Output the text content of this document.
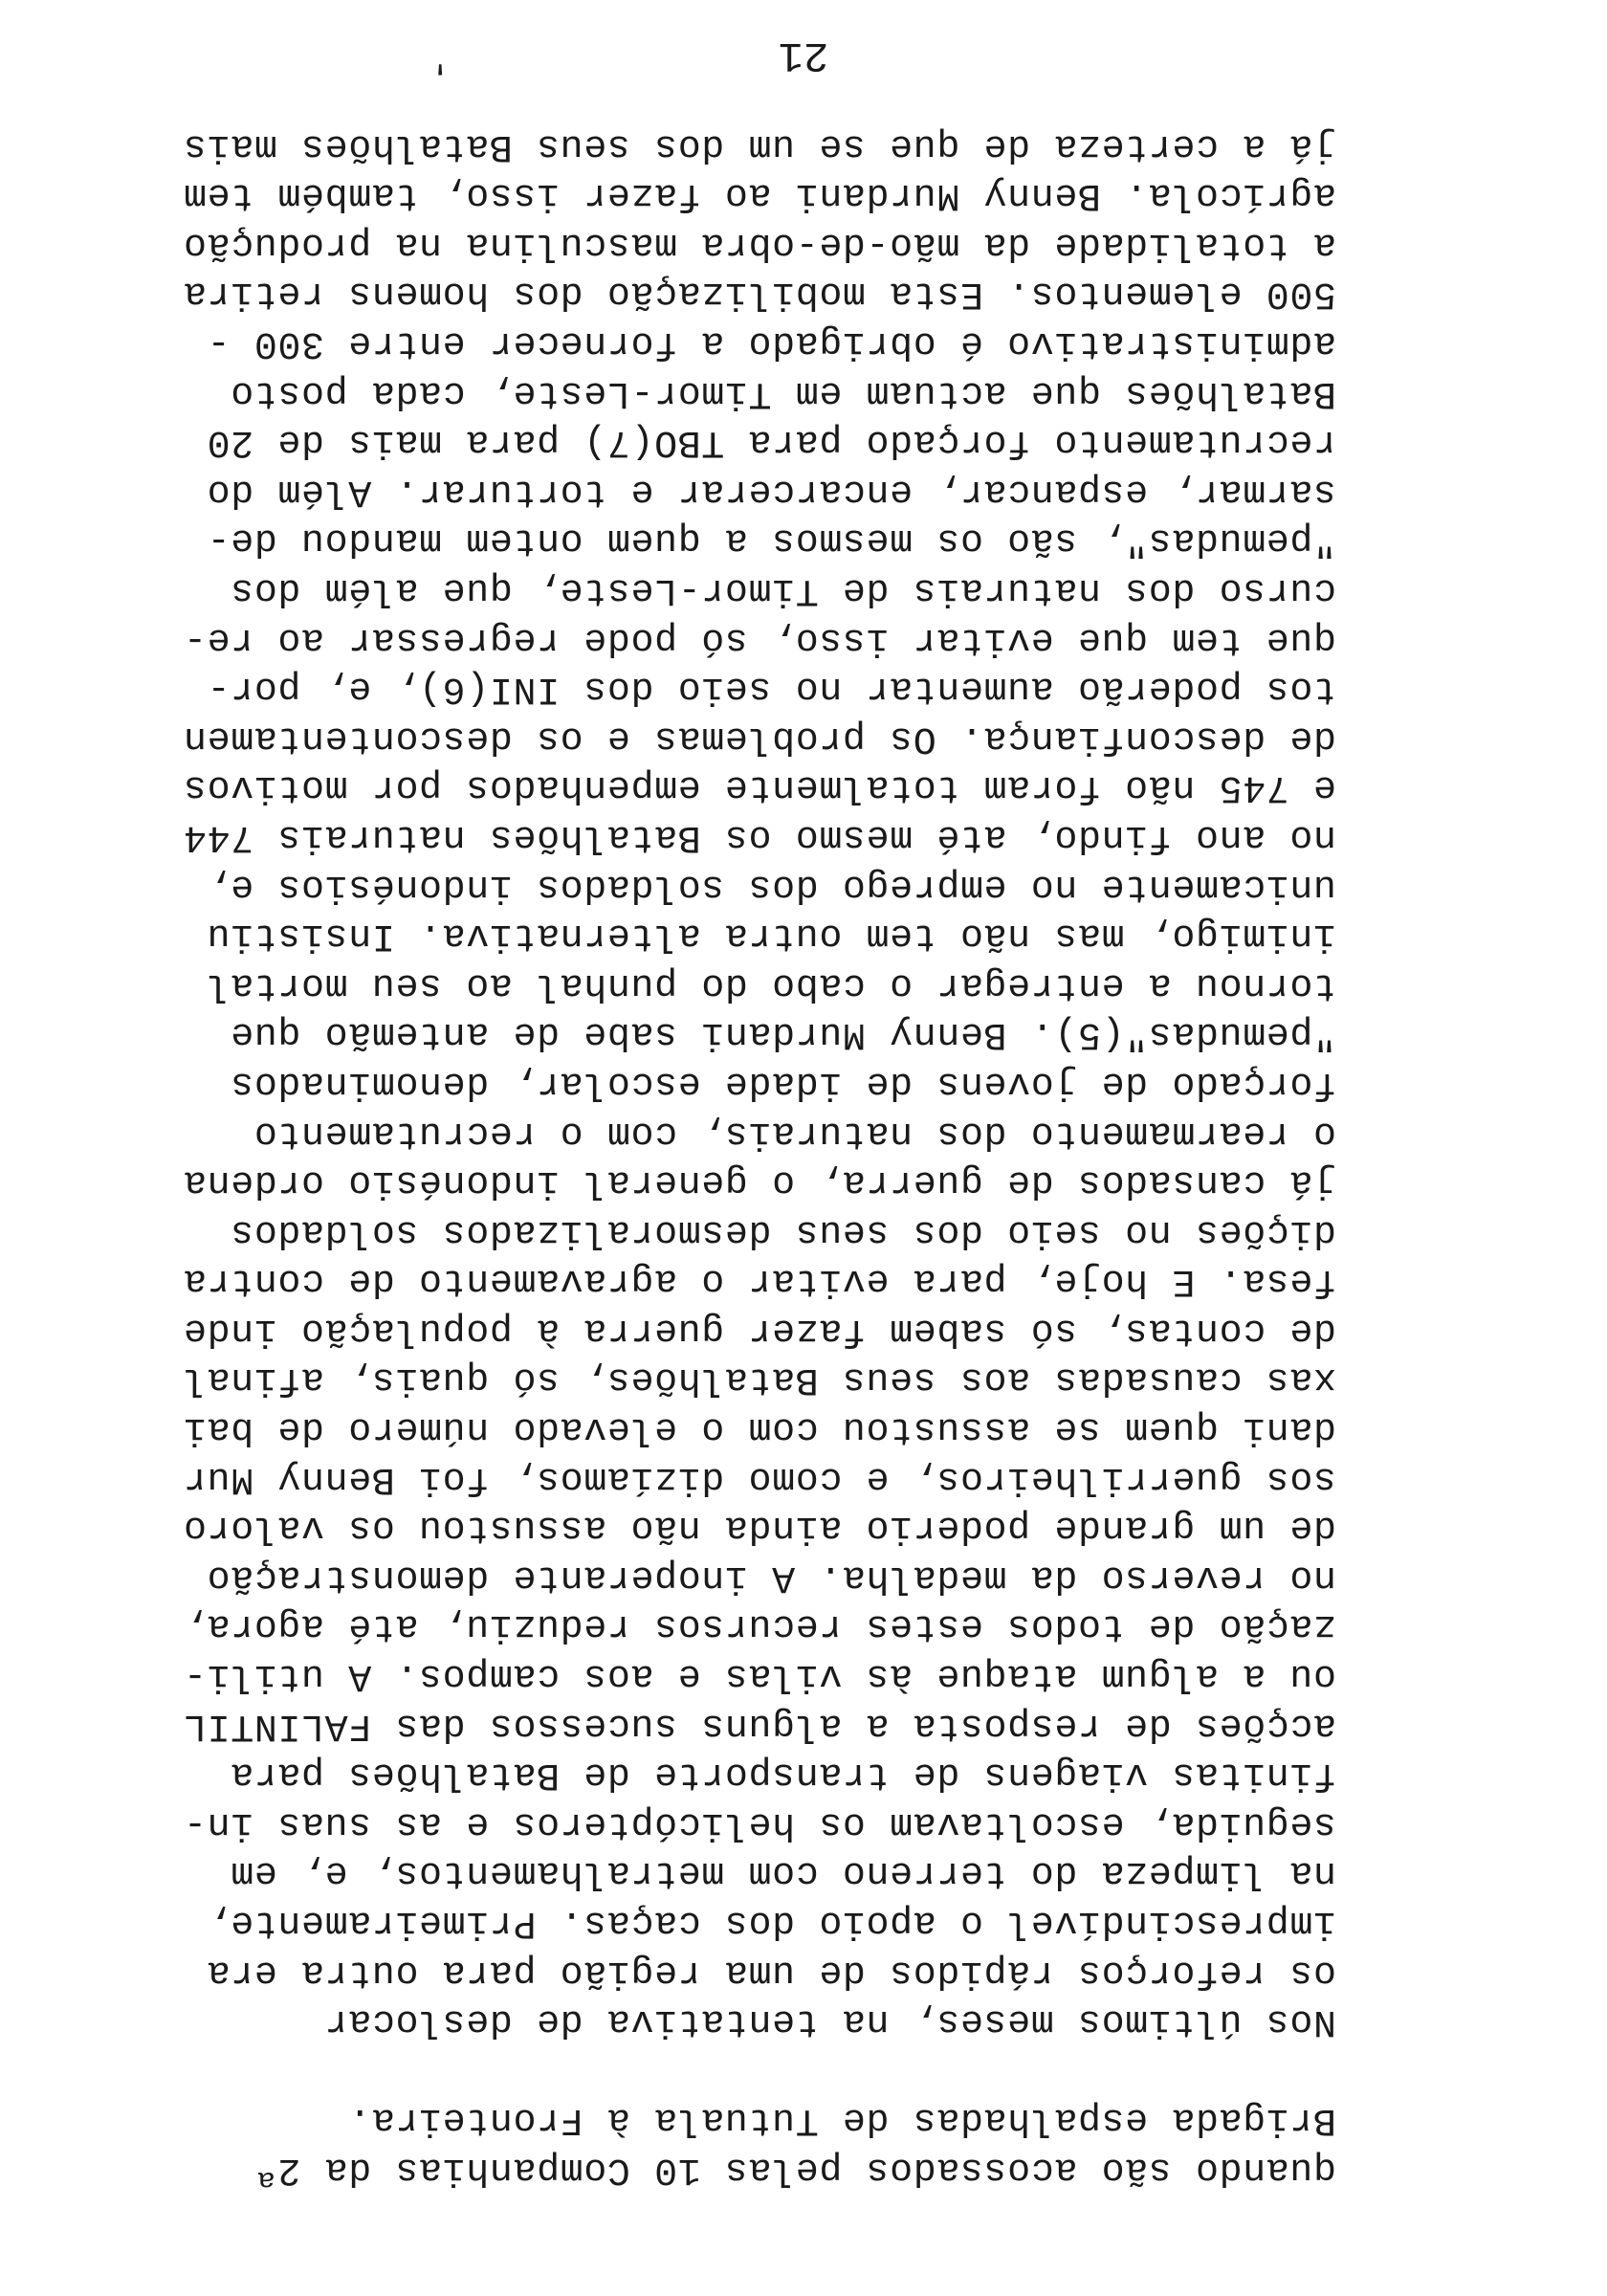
21
'
quando são acossados pelas 10 Companhias da 2ª
Brigada espalhadas de Tutuala à Fronteira.
Nos últimos meses, na tentativa de deslocar
os reforços rápidos de uma região para outra era
imprescindível o apoio dos caças. Primeiramente,
na limpeza do terreno com metralhamentos, e, em
seguida, escoltavam os helicópteros e as suas in-
finitas viagens de transporte de Batalhões para
acções de resposta a alguns sucessos das FALINTIL
ou a algum ataque às vilas e aos campos. A utili-
zação de todos estes recursos reduziu, até agora,
no reverso da medalha. A inoperante demonstração
de um grande poderio ainda não assustou os valoro
sos guerrilheiros, e como dizíamos, foi Benny Mur
dani quem se assustou com o elevado número de bai
xas causadas aos seus Batalhões, só quais, afinal
de contas, só sabem fazer guerra à população inde
fesa. E hoje, para evitar o agravamento de contra
dições no seio dos seus desmoralizados soldados
já cansados de guerra, o general indonésio ordena
o rearmamento dos naturais, com o recrutamento
forçado de jovens de idade escolar, denominados
"pemudas"(5). Benny Murdani sabe de antemão que
tornou a entregar o cabo do punhal ao seu mortal
inimigo, mas não tem outra alternativa. Insistiu
unicamente no emprego dos soldados indonésios e,
no ano findo, até mesmo os Batalhões naturais 744
e 745 não foram totalmente empenhados por motivos
de desconfiança. Os problemas e os descontentamen
tos poderão aumentar no seio dos INI(6), e, por-
que tem que evitar isso, só pode regressar ao re-
curso dos naturais de Timor-Leste, que além dos
"pemudas", são os mesmos a quem ontem mandou de-
sarmar, espancar, encarcerar e torturar. Além do
recrutamento forçado para TBO(7) para mais de 20
Batalhões que actuam em Timor-Leste, cada posto
administrativo é obrigado a fornecer entre 300 -
500 elementos. Esta mobilização dos homens retira
a totalidade da mão-de-obra masculina na produção
agrícola. Benny Murdani ao fazer isso, também tem
já a certeza de que se um dos seus Batalhões mais
